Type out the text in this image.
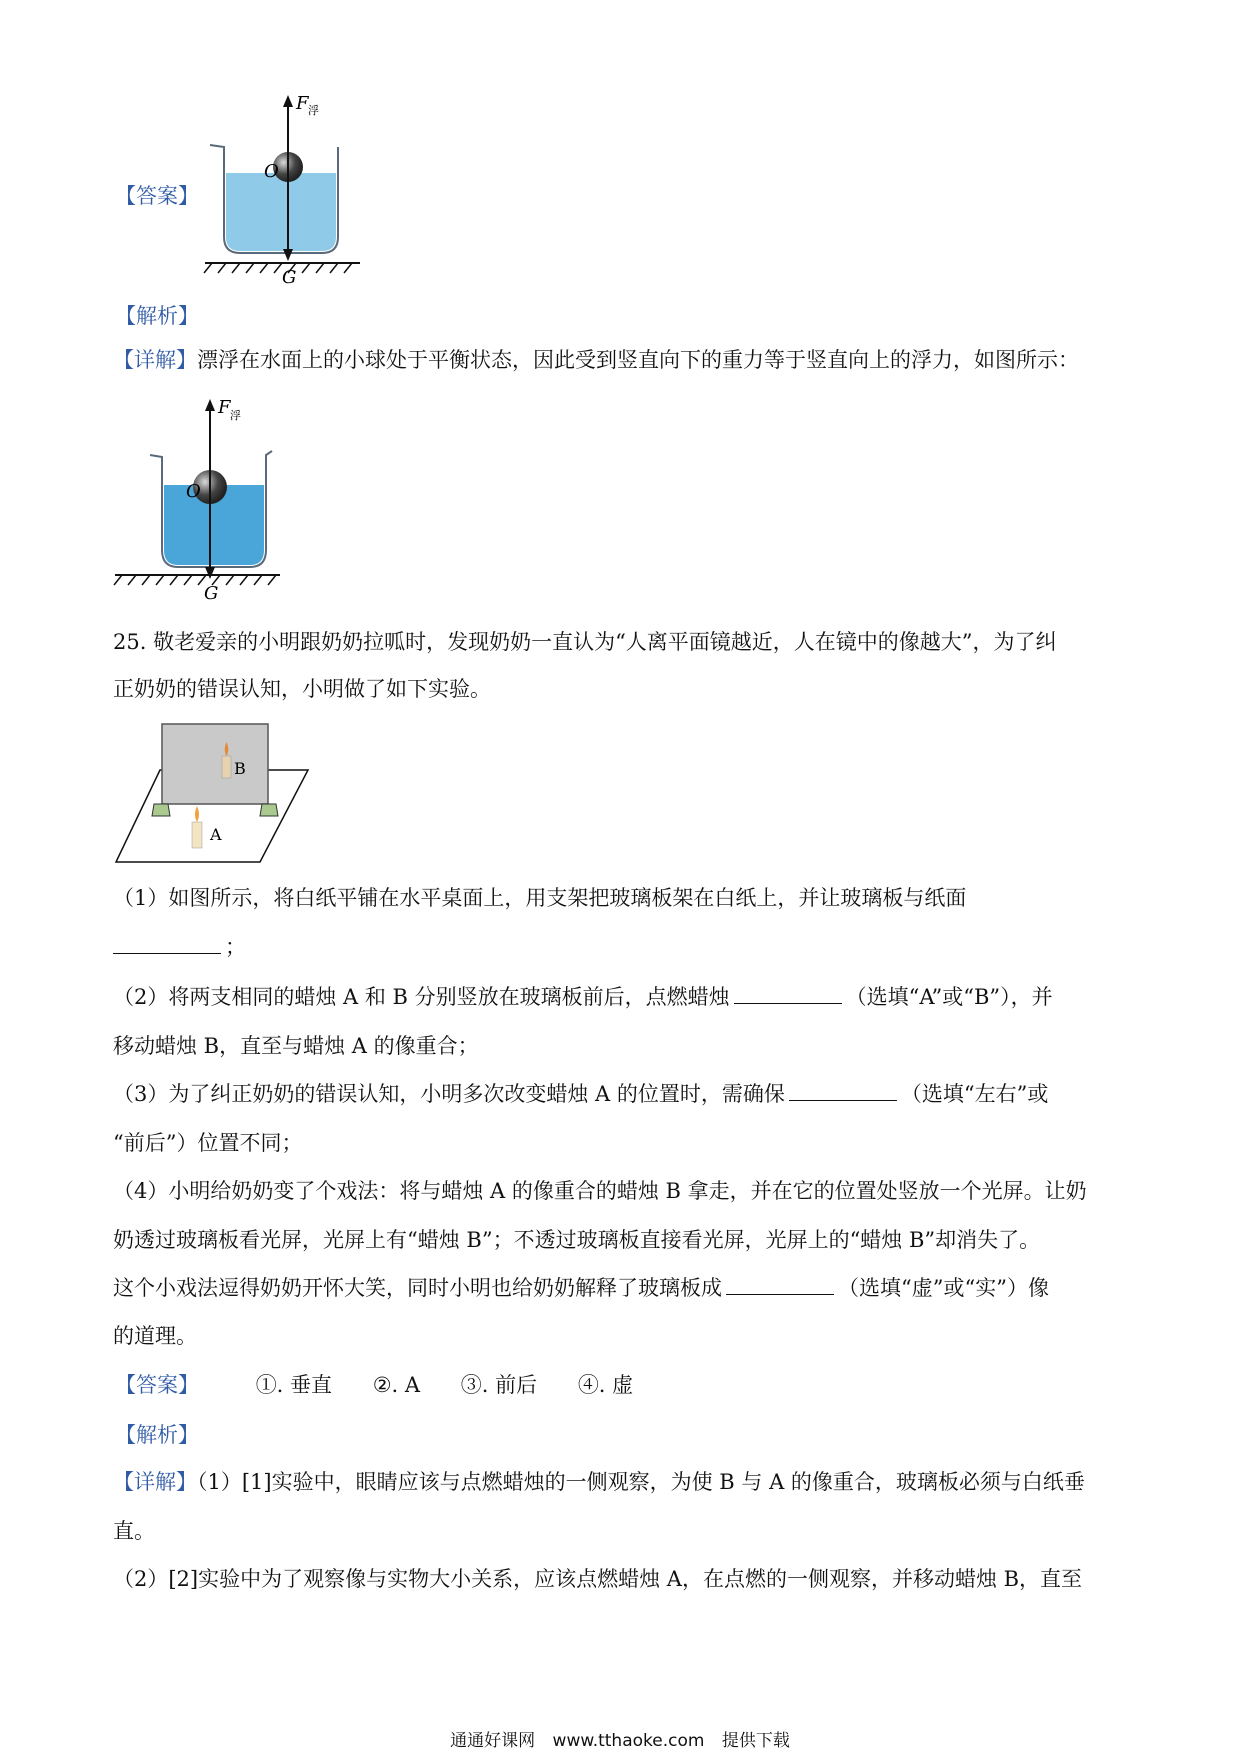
【答案】
F 浮
O
G
【解析】
【详解】漂浮在水面上的小球处于平衡状态，因此受到竖直向下的重力等于竖直向上的浮力，如图所示：
F 浮
O
G
25. 敬老爱亲的小明跟奶奶拉呱时，发现奶奶一直认为“人离平面镜越近，人在镜中的像越大”，为了纠
正奶奶的错误认知，小明做了如下实验。
B
A
（1）如图所示，将白纸平铺在水平桌面上，用支架把玻璃板架在白纸上，并让玻璃板与纸面
；
（2）将两支相同的蜡烛 A 和 B 分别竖放在玻璃板前后，点燃蜡烛	（选填“A”或“B”），并
移动蜡烛 B，直至与蜡烛 A 的像重合；
（3）为了纠正奶奶的错误认知，小明多次改变蜡烛 A 的位置时，需确保	（选填“左右”或
“前后”）位置不同；
（4）小明给奶奶变了个戏法：将与蜡烛 A 的像重合的蜡烛 B 拿走，并在它的位置处竖放一个光屏。让奶
奶透过玻璃板看光屏，光屏上有“蜡烛 B”；不透过玻璃板直接看光屏，光屏上的“蜡烛 B”却消失了。
这个小戏法逗得奶奶开怀大笑，同时小明也给奶奶解释了玻璃板成	（选填“虚”或“实”）像
的道理。
【答案】	①. 垂直 ②. A ③. 前后 ④. 虚
【解析】
【详解】（1）[1]实验中，眼睛应该与点燃蜡烛的一侧观察，为使 B 与 A 的像重合，玻璃板必须与白纸垂
直。
（2）[2]实验中为了观察像与实物大小关系，应该点燃蜡烛 A，在点燃的一侧观察，并移动蜡烛 B，直至
通通好课网 www.tthaoke.com 提供下载
